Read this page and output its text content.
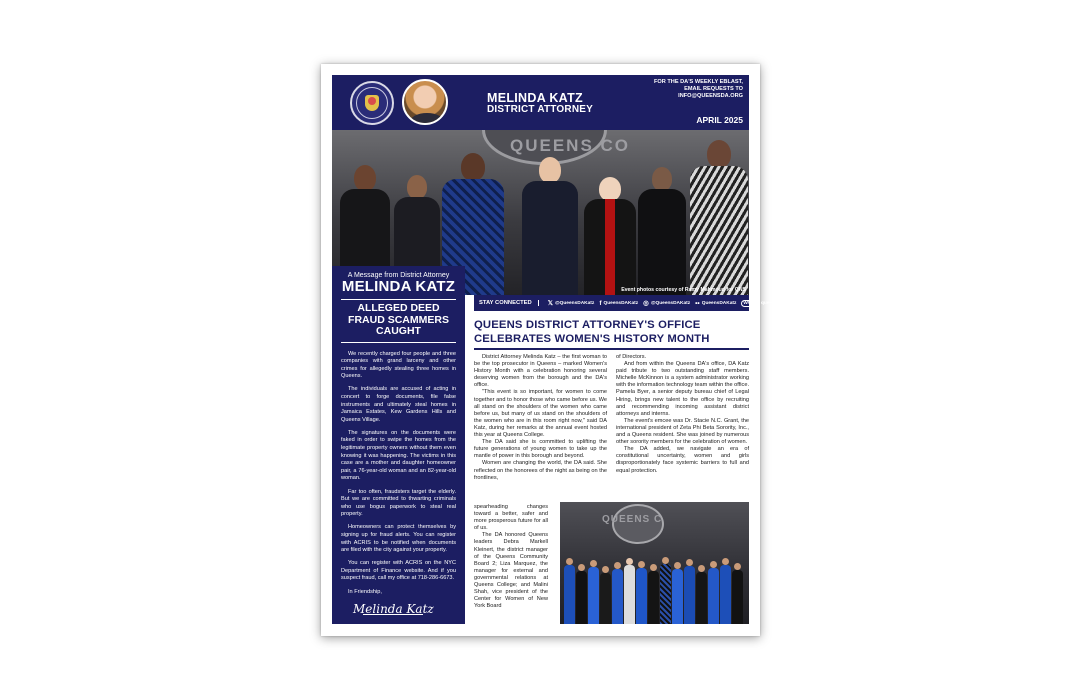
MELINDA KATZ
DISTRICT ATTORNEY
FOR THE DA'S WEEKLY EBLAST,
EMAIL REQUESTS TO
INFO@QUEENSDA.ORG
APRIL 2025
QUEENS CO
Event photos courtesy of Ramy Mahmoud for QNS
A Message from District Attorney
MELINDA KATZ
ALLEGED DEED FRAUD SCAMMERS CAUGHT

We recently charged four people and three companies with grand larceny and other crimes for allegedly stealing three homes in Queens.

The individuals are accused of acting in concert to forge documents, file false instruments and ultimately steal homes in Jamaica Estates, Kew Gardens Hills and Queens Village.

The signatures on the documents were faked in order to swipe the homes from the legitimate property owners without them even knowing it was happening. The victims in this case are a mother and daughter homeowner pair, a 76-year-old woman and an 82-year-old woman.

Far too often, fraudsters target the elderly. But we are committed to thwarting criminals who use bogus paperwork to steal real property.

Homeowners can protect themselves by signing up for fraud alerts. You can register with ACRIS to be notified when documents are filed with the city against your property.

You can register with ACRIS on the NYC Department of Finance website. And if you suspect fraud, call my office at 718-286-6673.

In Friendship,

Melinda Katz
STAY CONNECTED	𝕏 @QueensDAKatz f QueensDAKatz ◎ @QueensDAKatz •• QueensDAKatz	WWW queensda.org
QUEENS DISTRICT ATTORNEY'S OFFICE CELEBRATES WOMEN'S HISTORY MONTH

District Attorney Melinda Katz – the first woman to be the top prosecutor in Queens – marked Women's History Month with a celebration honoring several deserving women from the borough and the DA's office.

"This event is so important, for women to come together and to honor those who came before us. We all stand on the shoulders of the women who came before us, but many of us stand on the shoulders of the women who are in this room right now," said DA Katz, during her remarks at the annual event hosted this year at Queens College.

The DA said she is committed to uplifting the future generations of young women to take up the mantle of power in this borough and beyond.

Women are changing the world, the DA said. She reflected on the honorees of the night as being on the frontlines,

spearheading changes toward a better, safer and more prosperous future for all of us.

The DA honored Queens leaders Debra Markell Kleinert, the district manager of the Queens Community Board 2; Liza Marquez, the manager for external and governmental relations at Queens College; and Malini Shah, vice president of the Center for Women of New York Board

of Directors.

And from within the Queens DA's office, DA Katz paid tribute to two outstanding staff members. Michelle McKinnon is a system administrator working with the information technology team within the office. Pamela Byer, a senior deputy bureau chief of Legal Hiring, brings new talent to the office by recruiting and recommending incoming assistant district attorneys and interns.

The event's emcee was Dr. Stacie N.C. Grant, the international president of Zeta Phi Beta Sorority, Inc., and a Queens resident. She was joined by numerous other sorority members for the celebration of women.

The DA added, we navigate an era of constitutional uncertainty, women and girls disproportionately face systemic barriers to full and equal protection.

QUEENS C
